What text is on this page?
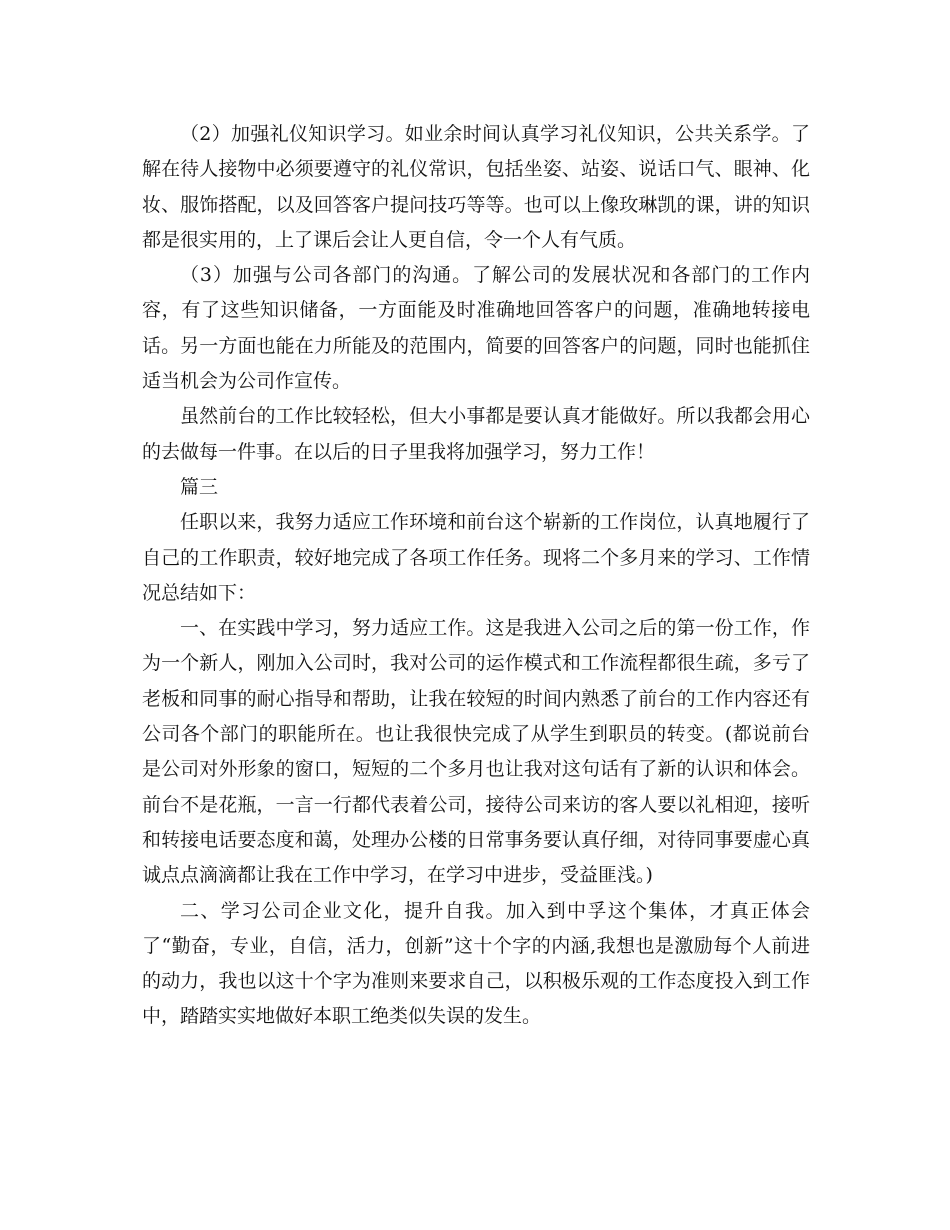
（2）加强礼仪知识学习。如业余时间认真学习礼仪知识，公共关系学。了解在待人接物中必须要遵守的礼仪常识，包括坐姿、站姿、说话口气、眼神、化妆、服饰搭配，以及回答客户提问技巧等等。也可以上像玫琳凯的课，讲的知识都是很实用的，上了课后会让人更自信，令一个人有气质。

（3）加强与公司各部门的沟通。了解公司的发展状况和各部门的工作内容，有了这些知识储备，一方面能及时准确地回答客户的问题，准确地转接电话。另一方面也能在力所能及的范围内，简要的回答客户的问题，同时也能抓住适当机会为公司作宣传。

虽然前台的工作比较轻松，但大小事都是要认真才能做好。所以我都会用心的去做每一件事。在以后的日子里我将加强学习，努力工作！

篇三

任职以来，我努力适应工作环境和前台这个崭新的工作岗位，认真地履行了自己的工作职责，较好地完成了各项工作任务。现将二个多月来的学习、工作情况总结如下：

一、在实践中学习，努力适应工作。这是我进入公司之后的第一份工作，作为一个新人，刚加入公司时，我对公司的运作模式和工作流程都很生疏，多亏了老板和同事的耐心指导和帮助，让我在较短的时间内熟悉了前台的工作内容还有公司各个部门的职能所在。也让我很快完成了从学生到职员的转变。(都说前台是公司对外形象的窗口，短短的二个多月也让我对这句话有了新的认识和体会。前台不是花瓶，一言一行都代表着公司，接待公司来访的客人要以礼相迎，接听和转接电话要态度和蔼，处理办公楼的日常事务要认真仔细，对待同事要虚心真诚点点滴滴都让我在工作中学习，在学习中进步，受益匪浅。)

二、学习公司企业文化，提升自我。加入到中孚这个集体，才真正体会了“勤奋，专业，自信，活力，创新”这十个字的内涵,我想也是激励每个人前进的动力，我也以这十个字为准则来要求自己，以积极乐观的工作态度投入到工作中，踏踏实实地做好本职工绝类似失误的发生。
